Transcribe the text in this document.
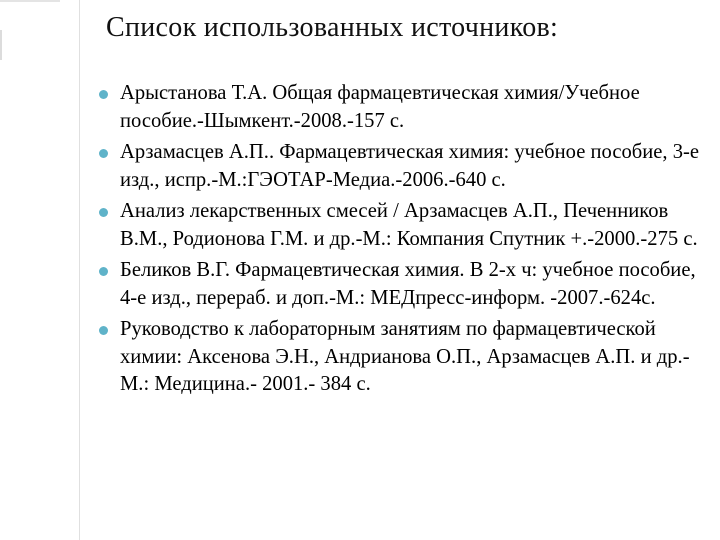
Список использованных источников:
Арыстанова Т.А. Общая фармацевтическая химия/Учебное пособие.-Шымкент.-2008.-157 с.
Арзамасцев А.П.. Фармацевтическая химия: учебное пособие, 3-е изд., испр.-М.:ГЭОТАР-Медиа.-2006.-640 с.
Анализ лекарственных смесей / Арзамасцев А.П., Печенников В.М., Родионова Г.М. и др.-М.: Компания Спутник +.-2000.-275 с.
Беликов В.Г. Фармацевтическая химия. В 2-х ч: учебное пособие, 4-е изд., перераб. и доп.-М.: МЕДпресс-информ. -2007.-624с.
Руководство к лабораторным занятиям по фармацевтической химии: Аксенова Э.Н., Андрианова О.П., Арзамасцев А.П. и др.- М.: Медицина.- 2001.- 384 с.
